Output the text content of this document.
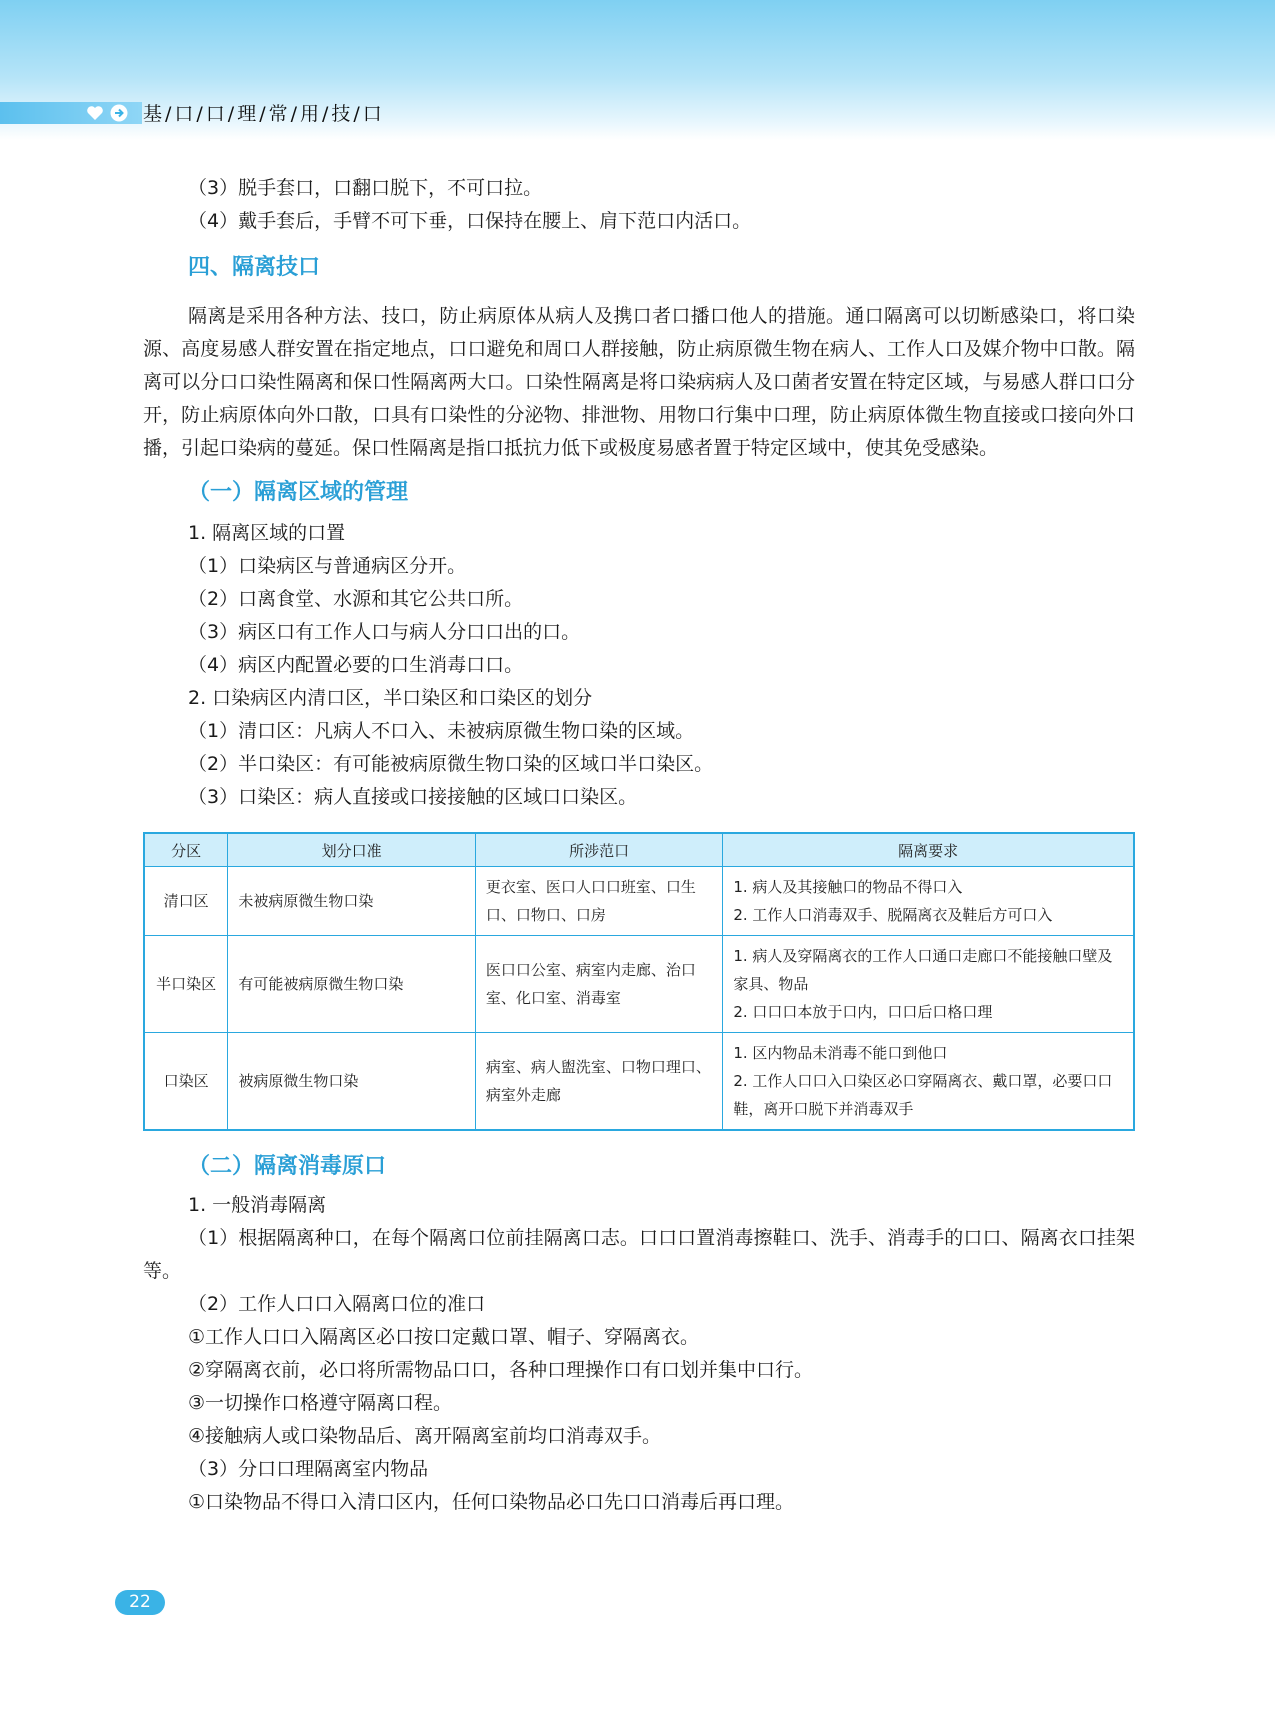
基/口/口/理/常/用/技/口

（3）脱手套口，口翻口脱下，不可口拉。

（4）戴手套后，手臂不可下垂，口保持在腰上、肩下范口内活口。

四、隔离技口

隔离是采用各种方法、技口，防止病原体从病人及携口者口播口他人的措施。通口隔离可以切断感染口，将口染源、高度易感人群安置在指定地点，口口避免和周口人群接触，防止病原微生物在病人、工作人口及媒介物中口散。隔离可以分口口染性隔离和保口性隔离两大口。口染性隔离是将口染病病人及口菌者安置在特定区域，与易感人群口口分开，防止病原体向外口散，口具有口染性的分泌物、排泄物、用物口行集中口理，防止病原体微生物直接或口接向外口播，引起口染病的蔓延。保口性隔离是指口抵抗力低下或极度易感者置于特定区域中，使其免受感染。

（一）隔离区域的管理

1. 隔离区域的口置

（1）口染病区与普通病区分开。

（2）口离食堂、水源和其它公共口所。

（3）病区口有工作人口与病人分口口出的口。

（4）病区内配置必要的口生消毒口口。

2. 口染病区内清口区，半口染区和口染区的划分

（1）清口区：凡病人不口入、未被病原微生物口染的区域。

（2）半口染区：有可能被病原微生物口染的区域口半口染区。

（3）口染区：病人直接或口接接触的区域口口染区。

分区	划分口准	所涉范口	隔离要求
清口区	未被病原微生物口染	更衣室、医口人口口班室、口生口、口物口、口房	1. 病人及其接触口的物品不得口入
2. 工作人口消毒双手、脱隔离衣及鞋后方可口入

半口染区	有可能被病原微生物口染	医口口公室、病室内走廊、治口室、化口室、消毒室	1. 病人及穿隔离衣的工作人口通口走廊口不能接触口壁及家具、物品
2. 口口口本放于口内，口口后口格口理

口染区	被病原微生物口染	病室、病人盥洗室、口物口理口、病室外走廊	1. 区内物品未消毒不能口到他口
2. 工作人口口入口染区必口穿隔离衣、戴口罩，必要口口鞋，离开口脱下并消毒双手
（二）隔离消毒原口

1. 一般消毒隔离

（1）根据隔离种口，在每个隔离口位前挂隔离口志。口口口置消毒擦鞋口、洗手、消毒手的口口、隔离衣口挂架等。

（2）工作人口口入隔离口位的准口

①工作人口口入隔离区必口按口定戴口罩、帽子、穿隔离衣。

②穿隔离衣前，必口将所需物品口口，各种口理操作口有口划并集中口行。

③一切操作口格遵守隔离口程。

④接触病人或口染物品后、离开隔离室前均口消毒双手。

（3）分口口理隔离室内物品

①口染物品不得口入清口区内，任何口染物品必口先口口消毒后再口理。

22
